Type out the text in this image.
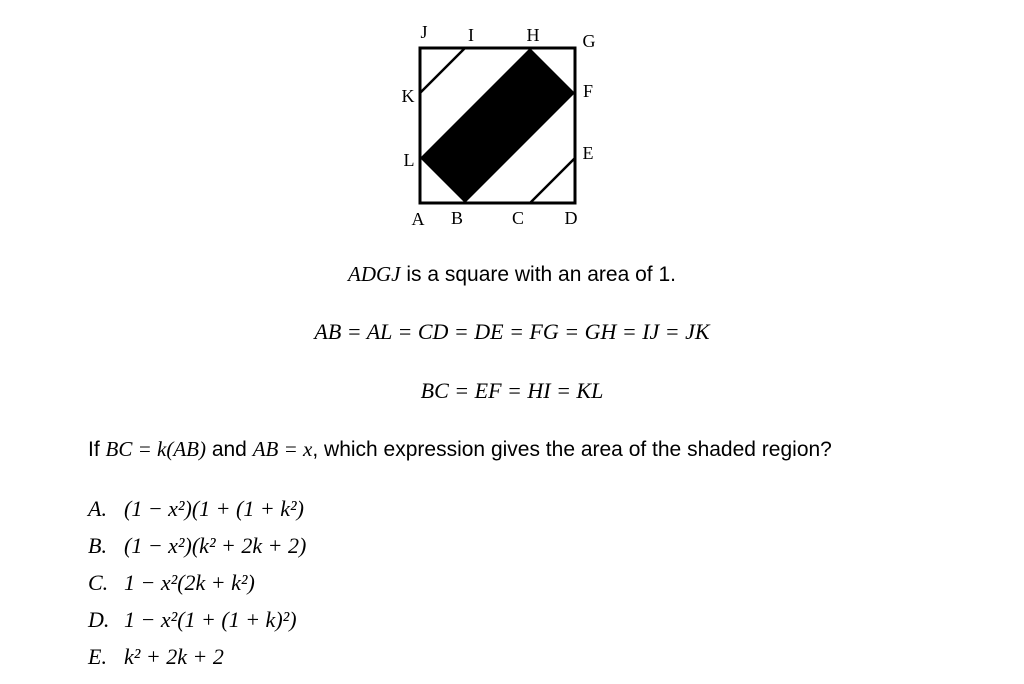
J I	H G
K	F
L	E
A B	C D
ADGJ is a square with an area of 1.
AB = AL = CD = DE = FG = GH = IJ = JK
BC = EF = HI = KL
If BC = k(AB) and AB = x, which expression gives the area of the shaded region?
A. (1 − x²)(1 + (1 + k²)
B. (1 − x²)(k² + 2k + 2)
C. 1 − x²(2k + k²)
D. 1 − x²(1 + (1 + k)²)
E. k² + 2k + 2
